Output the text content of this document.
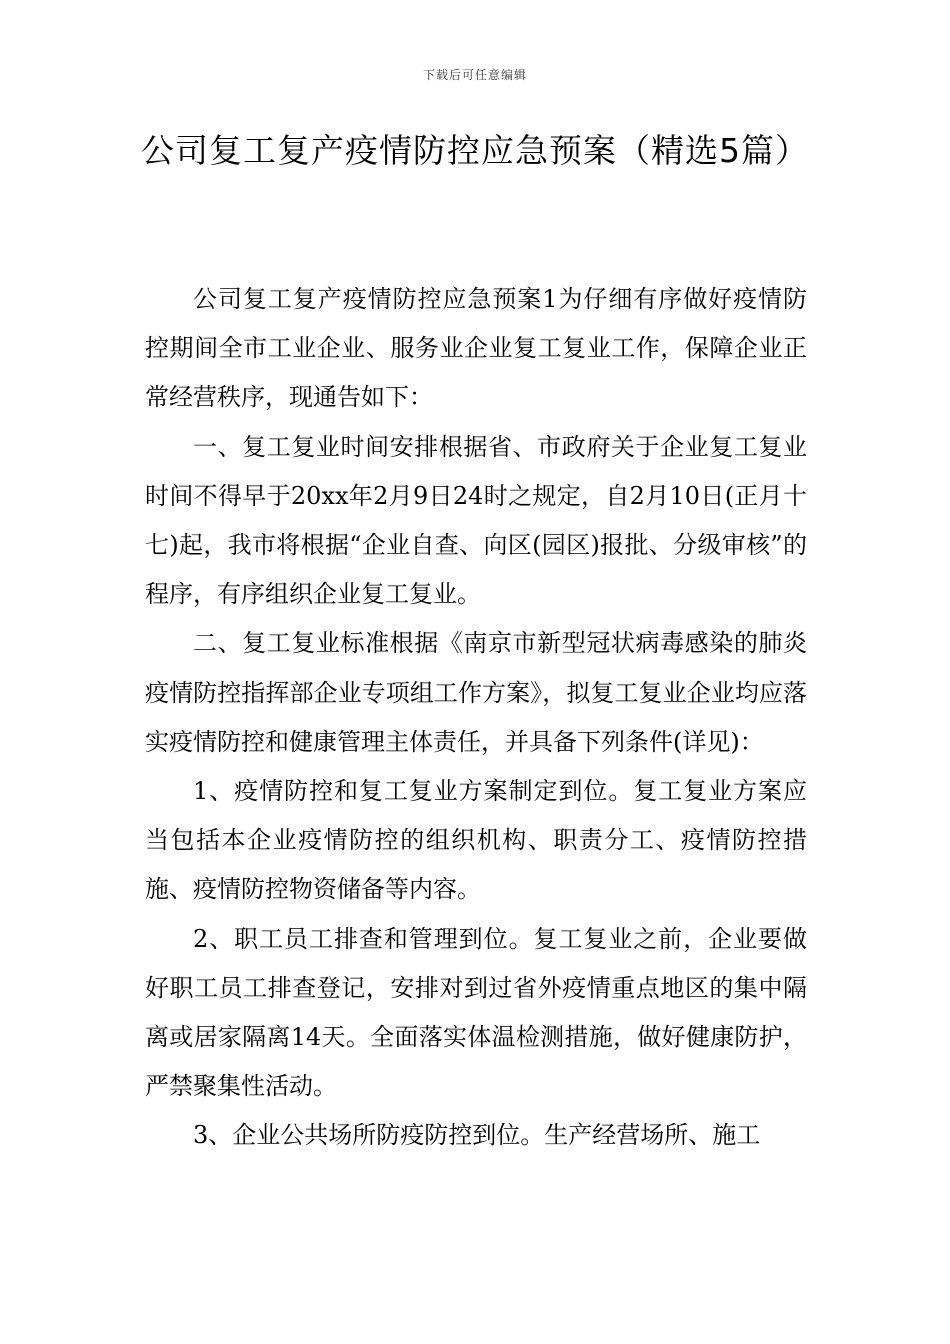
下载后可任意编辑
公司复工复产疫情防控应急预案（精选5篇）

公司复工复产疫情防控应急预案1为仔细有序做好疫情防控期间全市工业企业、服务业企业复工复业工作，保障企业正常经营秩序，现通告如下：

一、复工复业时间安排根据省、市政府关于企业复工复业时间不得早于20xx年2月9日24时之规定，自2月10日(正月十七)起，我市将根据“企业自查、向区(园区)报批、分级审核”的程序，有序组织企业复工复业。

二、复工复业标准根据《南京市新型冠状病毒感染的肺炎疫情防控指挥部企业专项组工作方案》，拟复工复业企业均应落实疫情防控和健康管理主体责任，并具备下列条件(详见)：

1、疫情防控和复工复业方案制定到位。复工复业方案应当包括本企业疫情防控的组织机构、职责分工、疫情防控措施、疫情防控物资储备等内容。

2、职工员工排查和管理到位。复工复业之前，企业要做好职工员工排查登记，安排对到过省外疫情重点地区的集中隔离或居家隔离14天。全面落实体温检测措施，做好健康防护，严禁聚集性活动。

3、企业公共场所防疫防控到位。生产经营场所、施工
